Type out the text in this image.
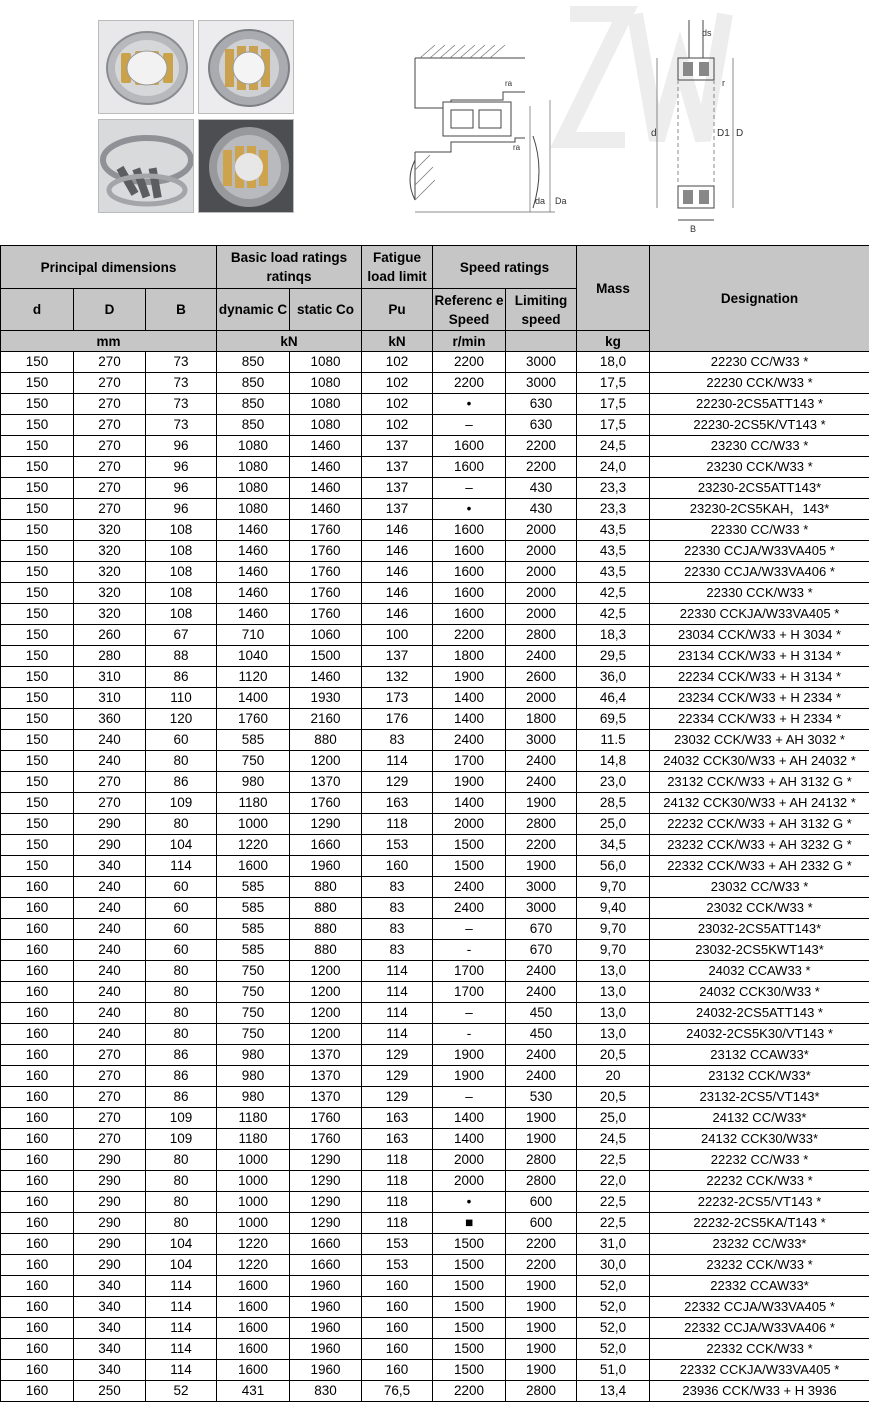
ra
ra
da Da
ds
r
d	D1 D
B
Principal dimensions			Basic load ratings ratinqs		Fatigue load limit	Speed ratings		Mass	Designation
d	D	B	dynamic C	static Co	Pu	Referenc e Speed	Limiting speed		
mm			kN		kN	r/min		kg	
150	270	73	850	1080	102	2200	3000	18,0	22230 CC/W33 *
150	270	73	850	1080	102	2200	3000	17,5	22230 CCK/W33 *
150	270	73	850	1080	102	•	630	17,5	22230-2CS5ATT143 *
150	270	73	850	1080	102	–	630	17,5	22230-2CS5K/VT143 *
150	270	96	1080	1460	137	1600	2200	24,5	23230 CC/W33 *
150	270	96	1080	1460	137	1600	2200	24,0	23230 CCK/W33 *
150	270	96	1080	1460	137	–	430	23,3	23230-2CS5ATT143*
150	270	96	1080	1460	137	•	430	23,3	23230-2CS5KAH，143*
150	320	108	1460	1760	146	1600	2000	43,5	22330 CC/W33 *
150	320	108	1460	1760	146	1600	2000	43,5	22330 CCJA/W33VA405 *
150	320	108	1460	1760	146	1600	2000	43,5	22330 CCJA/W33VA406 *
150	320	108	1460	1760	146	1600	2000	42,5	22330 CCK/W33 *
150	320	108	1460	1760	146	1600	2000	42,5	22330 CCKJA/W33VA405 *
150	260	67	710	1060	100	2200	2800	18,3	23034 CCK/W33 + H 3034 *
150	280	88	1040	1500	137	1800	2400	29,5	23134 CCK/W33 + H 3134 *
150	310	86	1120	1460	132	1900	2600	36,0	22234 CCK/W33 + H 3134 *
150	310	110	1400	1930	173	1400	2000	46,4	23234 CCK/W33 + H 2334 *
150	360	120	1760	2160	176	1400	1800	69,5	22334 CCK/W33 + H 2334 *
150	240	60	585	880	83	2400	3000	11.5	23032 CCK/W33 + AH 3032 *
150	240	80	750	1200	114	1700	2400	14,8	24032 CCK30/W33 + AH 24032 *
150	270	86	980	1370	129	1900	2400	23,0	23132 CCK/W33 + AH 3132 G *
150	270	109	1180	1760	163	1400	1900	28,5	24132 CCK30/W33 + AH 24132 *
150	290	80	1000	1290	118	2000	2800	25,0	22232 CCK/W33 + AH 3132 G *
150	290	104	1220	1660	153	1500	2200	34,5	23232 CCK/W33 + AH 3232 G *
150	340	114	1600	1960	160	1500	1900	56,0	22332 CCK/W33 + AH 2332 G *
160	240	60	585	880	83	2400	3000	9,70	23032 CC/W33 *
160	240	60	585	880	83	2400	3000	9,40	23032 CCK/W33 *
160	240	60	585	880	83	–	670	9,70	23032-2CS5ATT143*
160	240	60	585	880	83	-	670	9,70	23032-2CS5KWT143*
160	240	80	750	1200	114	1700	2400	13,0	24032 CCAW33 *
160	240	80	750	1200	114	1700	2400	13,0	24032 CCK30/W33 *
160	240	80	750	1200	114	–	450	13,0	24032-2CS5ATT143 *
160	240	80	750	1200	114	-	450	13,0	24032-2CS5K30/VT143 *
160	270	86	980	1370	129	1900	2400	20,5	23132 CCAW33*
160	270	86	980	1370	129	1900	2400	20	23132 CCK/W33*
160	270	86	980	1370	129	–	530	20,5	23132-2CS5/VT143*
160	270	109	1180	1760	163	1400	1900	25,0	24132 CC/W33*
160	270	109	1180	1760	163	1400	1900	24,5	24132 CCK30/W33*
160	290	80	1000	1290	118	2000	2800	22,5	22232 CC/W33 *
160	290	80	1000	1290	118	2000	2800	22,0	22232 CCK/W33 *
160	290	80	1000	1290	118	•	600	22,5	22232-2CS5/VT143 *
160	290	80	1000	1290	118	■	600	22,5	22232-2CS5KA/T143 *
160	290	104	1220	1660	153	1500	2200	31,0	23232 CC/W33*
160	290	104	1220	1660	153	1500	2200	30,0	23232 CCK/W33 *
160	340	114	1600	1960	160	1500	1900	52,0	22332 CCAW33*
160	340	114	1600	1960	160	1500	1900	52,0	22332 CCJA/W33VA405 *
160	340	114	1600	1960	160	1500	1900	52,0	22332 CCJA/W33VA406 *
160	340	114	1600	1960	160	1500	1900	52,0	22332 CCK/W33 *
160	340	114	1600	1960	160	1500	1900	51,0	22332 CCKJA/W33VA405 *
160	250	52	431	830	76,5	2200	2800	13,4	23936 CCK/W33 + H 3936
